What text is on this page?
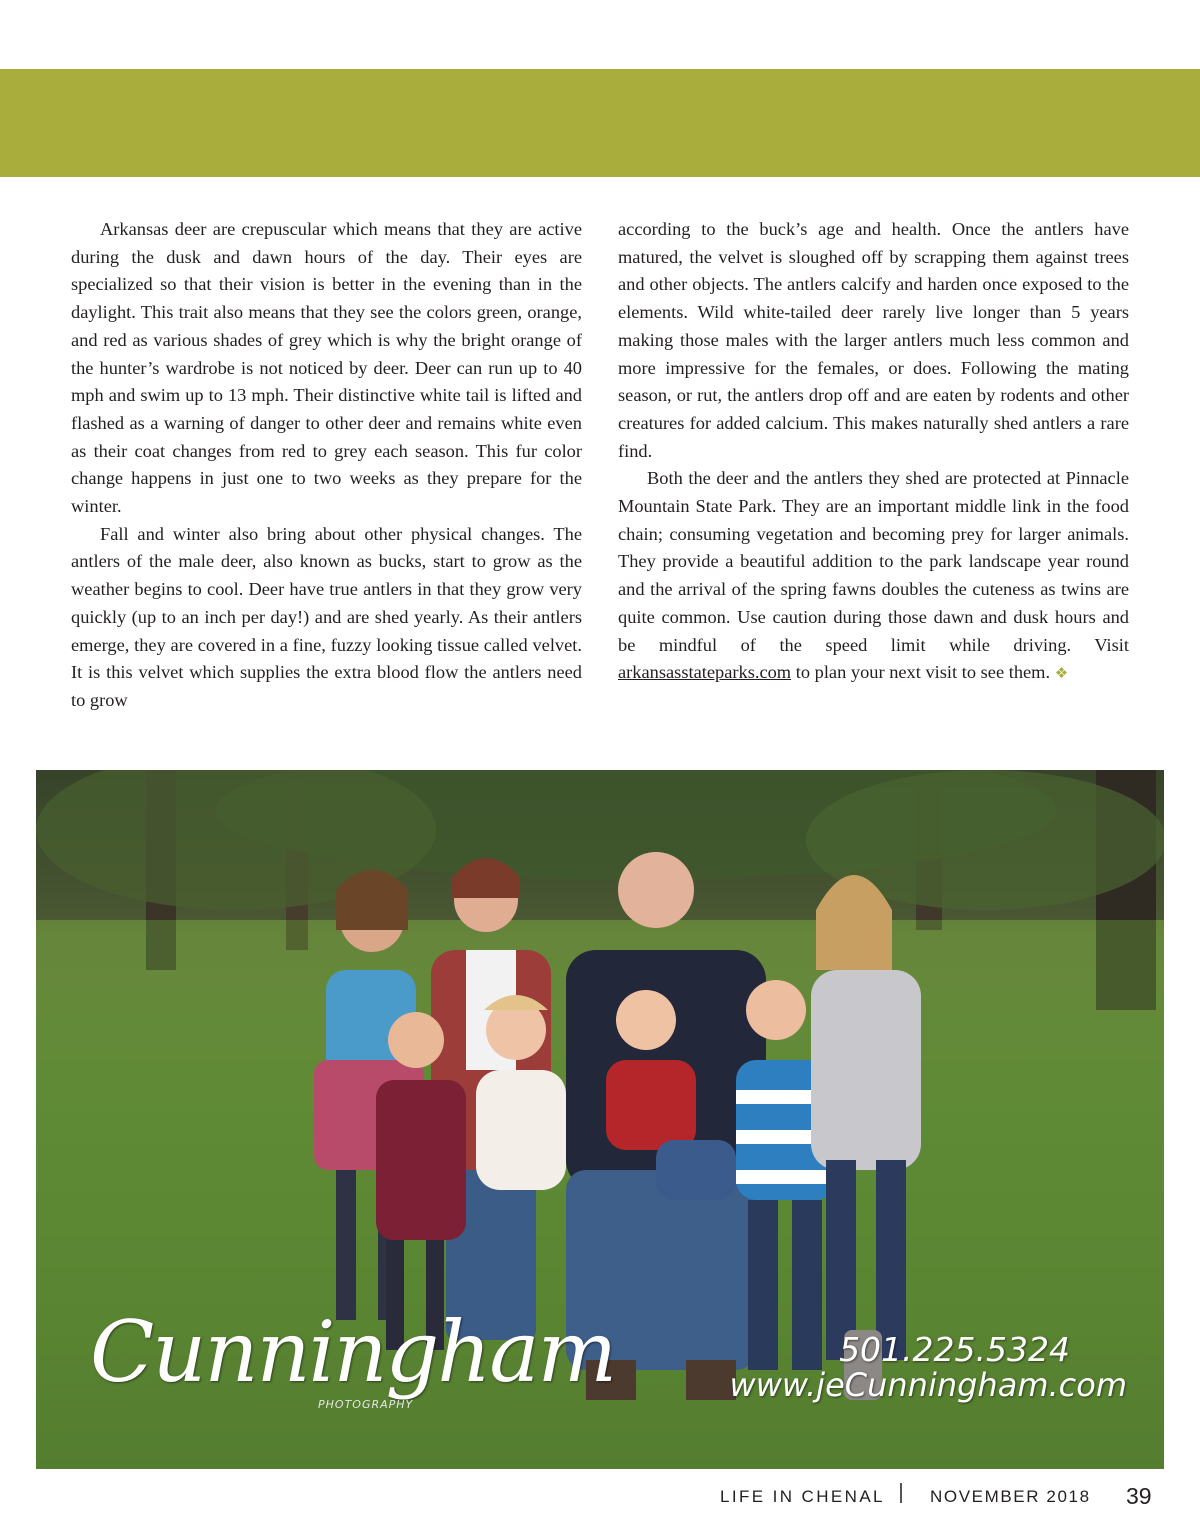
Arkansas deer are crepuscular which means that they are active during the dusk and dawn hours of the day. Their eyes are specialized so that their vision is better in the evening than in the daylight. This trait also means that they see the colors green, orange, and red as various shades of grey which is why the bright orange of the hunter’s wardrobe is not noticed by deer. Deer can run up to 40 mph and swim up to 13 mph. Their distinctive white tail is lifted and flashed as a warning of danger to other deer and remains white even as their coat changes from red to grey each season. This fur color change happens in just one to two weeks as they prepare for the winter.

Fall and winter also bring about other physical changes. The antlers of the male deer, also known as bucks, start to grow as the weather begins to cool. Deer have true antlers in that they grow very quickly (up to an inch per day!) and are shed yearly. As their antlers emerge, they are covered in a fine, fuzzy looking tissue called velvet. It is this velvet which supplies the extra blood flow the antlers need to grow

according to the buck’s age and health. Once the antlers have matured, the velvet is sloughed off by scrapping them against trees and other objects. The antlers calcify and harden once exposed to the elements. Wild white-tailed deer rarely live longer than 5 years making those males with the larger antlers much less common and more impressive for the females, or does. Following the mating season, or rut, the antlers drop off and are eaten by rodents and other creatures for added calcium. This makes naturally shed antlers a rare find.

Both the deer and the antlers they shed are protected at Pinnacle Mountain State Park. They are an important middle link in the food chain; consuming vegetation and becoming prey for larger animals. They provide a beautiful addition to the park landscape year round and the arrival of the spring fawns doubles the cuteness as twins are quite common. Use caution during those dawn and dusk hours and be mindful of the speed limit while driving. Visit arkansasstateparks.com to plan your next visit to see them. ❖

Cunningham
PHOTOGRAPHY
501.225.5324
www.jeCunningham.com
LIFE IN CHENAL	NOVEMBER 2018 39
